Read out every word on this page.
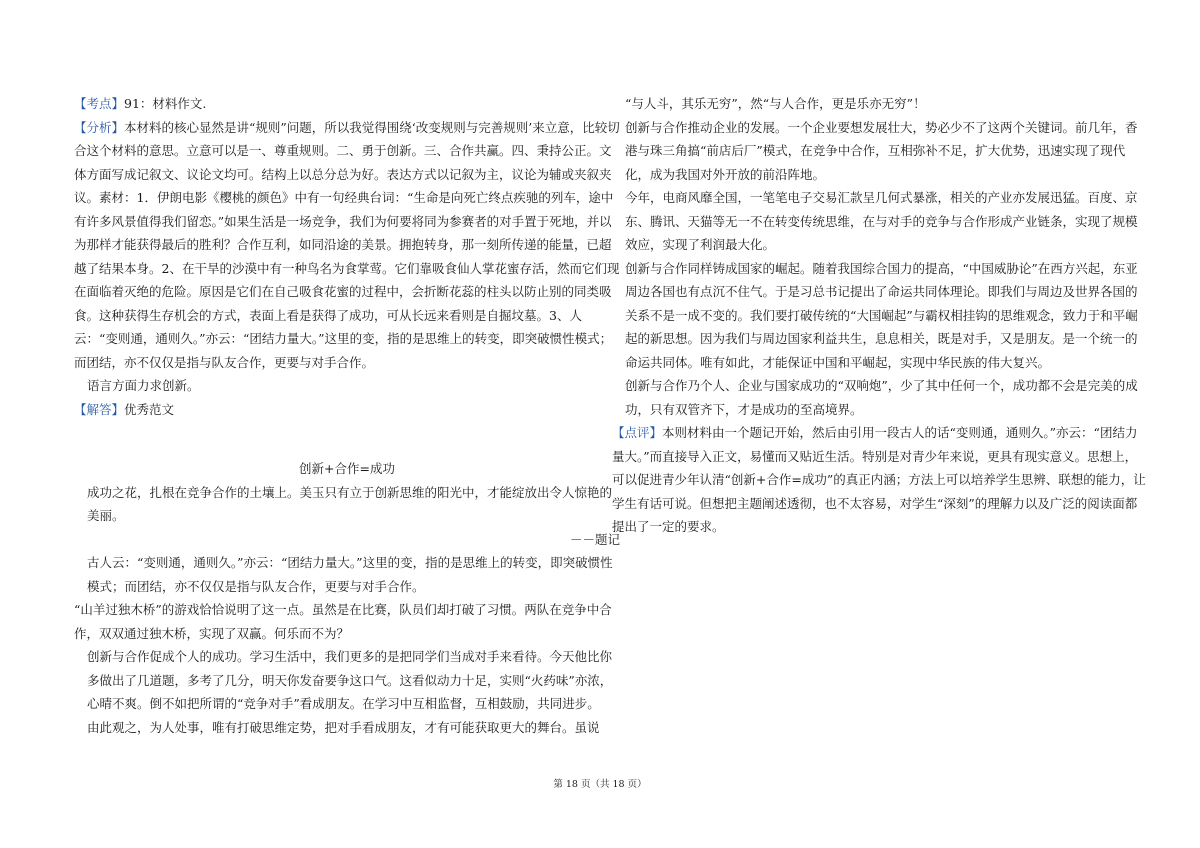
【考点】91：材料作文.

【分析】本材料的核心显然是讲“规则”问题，所以我觉得围绕‘改变规则与完善规则’来立意，比较切合这个材料的意思。立意可以是一、尊重规则。二、勇于创新。三、合作共赢。四、秉持公正。文体方面写成记叙文、议论文均可。结构上以总分总为好。表达方式以记叙为主，议论为辅或夹叙夹议。素材：1．伊朗电影《樱桃的颜色》中有一句经典台词：“生命是向死亡终点疾驰的列车，途中有许多风景值得我们留恋。”如果生活是一场竞争，我们为何要将同为参赛者的对手置于死地，并以为那样才能获得最后的胜利？合作互利，如同沿途的美景。拥抱转身，那一刻所传递的能量，已超越了结果本身。2、在干旱的沙漠中有一种鸟名为食掌莺。它们靠吸食仙人掌花蜜存活，然而它们现在面临着灭绝的危险。原因是它们在自己吸食花蜜的过程中，会折断花蕊的柱头以防止别的同类吸食。这种获得生存机会的方式，表面上看是获得了成功，可从长远来看则是自掘坟墓。3、人云：“变则通，通则久。”亦云：“团结力量大。”这里的变，指的是思维上的转变，即突破惯性模式；而团结，亦不仅仅是指与队友合作，更要与对手合作。

语言方面力求创新。

【解答】优秀范文

创新+合作=成功

成功之花，扎根在竞争合作的土壤上。美玉只有立于创新思维的阳光中，才能绽放出令人惊艳的美丽。

－－题记

古人云：“变则通，通则久。”亦云：“团结力量大。”这里的变，指的是思维上的转变，即突破惯性模式；而团结，亦不仅仅是指与队友合作，更要与对手合作。

“山羊过独木桥”的游戏恰恰说明了这一点。虽然是在比赛，队员们却打破了习惯。两队在竞争中合作，双双通过独木桥，实现了双赢。何乐而不为？

创新与合作促成个人的成功。学习生活中，我们更多的是把同学们当成对手来看待。今天他比你多做出了几道题，多考了几分，明天你发奋要争这口气。这看似动力十足，实则“火药味”亦浓，心晴不爽。倒不如把所谓的“竞争对手”看成朋友。在学习中互相监督，互相鼓励，共同进步。

由此观之，为人处事，唯有打破思维定势，把对手看成朋友，才有可能获取更大的舞台。虽说

“与人斗，其乐无穷”，然“与人合作，更是乐亦无穷”！

创新与合作推动企业的发展。一个企业要想发展壮大，势必少不了这两个关键词。前几年，香港与珠三角搞“前店后厂”模式，在竞争中合作，互相弥补不足，扩大优势，迅速实现了现代化，成为我国对外开放的前沿阵地。

今年，电商风靡全国，一笔笔电子交易汇款呈几何式暴涨，相关的产业亦发展迅猛。百度、京东、腾讯、天猫等无一不在转变传统思维，在与对手的竞争与合作形成产业链条，实现了规模效应，实现了利润最大化。

创新与合作同样铸成国家的崛起。随着我国综合国力的提高，“中国威胁论”在西方兴起，东亚周边各国也有点沉不住气。于是习总书记提出了命运共同体理论。即我们与周边及世界各国的关系不是一成不变的。我们要打破传统的“大国崛起”与霸权相挂钩的思维观念，致力于和平崛起的新思想。因为我们与周边国家利益共生，息息相关，既是对手，又是朋友。是一个统一的命运共同体。唯有如此，才能保证中国和平崛起，实现中华民族的伟大复兴。

创新与合作乃个人、企业与国家成功的“双响炮”，少了其中任何一个，成功都不会是完美的成功，只有双管齐下，才是成功的至高境界。

【点评】本则材料由一个题记开始，然后由引用一段古人的话“变则通，通则久。”亦云：“团结力量大。”而直接导入正文，易懂而又贴近生活。特别是对青少年来说，更具有现实意义。思想上，可以促进青少年认清“创新+合作=成功”的真正内涵；方法上可以培养学生思辨、联想的能力，让学生有话可说。但想把主题阐述透彻，也不太容易，对学生“深刻”的理解力以及广泛的阅读面都提出了一定的要求。

第 18 页（共 18 页）
